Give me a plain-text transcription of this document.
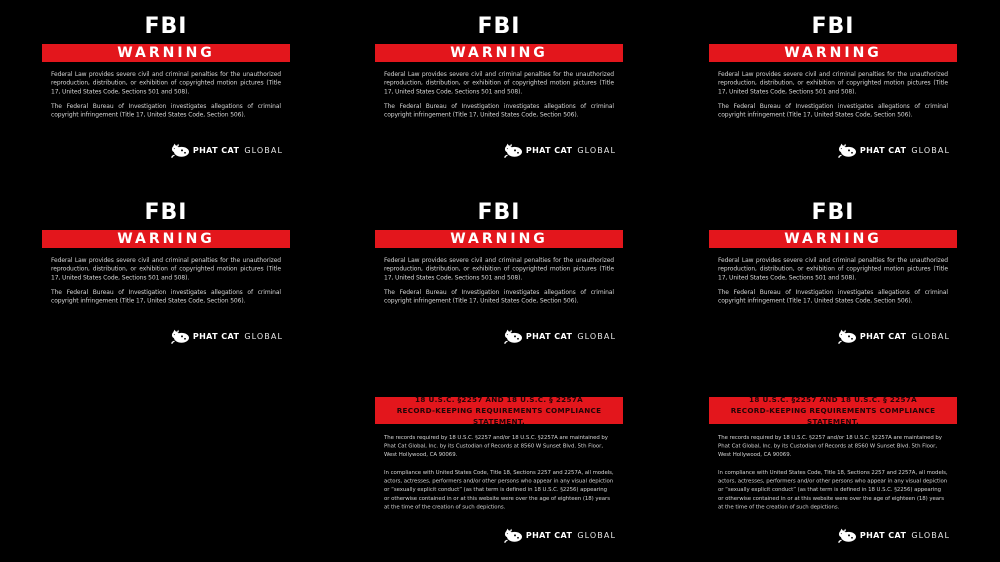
FBI
WARNING

Federal Law provides severe civil and criminal penalties for the unauthorized reproduction, distribution, or exhibition of copyrighted motion pictures (Title 17, United States Code, Sections 501 and 508).

The Federal Bureau of Investigation investigates allegations of criminal copyright infringement (Title 17, United States Code, Section 506).

PHAT CAT GLOBAL
FBI
WARNING

Federal Law provides severe civil and criminal penalties for the unauthorized reproduction, distribution, or exhibition of copyrighted motion pictures (Title 17, United States Code, Sections 501 and 508).

The Federal Bureau of Investigation investigates allegations of criminal copyright infringement (Title 17, United States Code, Section 506).

PHAT CAT GLOBAL
FBI
WARNING

Federal Law provides severe civil and criminal penalties for the unauthorized reproduction, distribution, or exhibition of copyrighted motion pictures (Title 17, United States Code, Sections 501 and 508).

The Federal Bureau of Investigation investigates allegations of criminal copyright infringement (Title 17, United States Code, Section 506).

PHAT CAT GLOBAL
FBI
WARNING

Federal Law provides severe civil and criminal penalties for the unauthorized reproduction, distribution, or exhibition of copyrighted motion pictures (Title 17, United States Code, Sections 501 and 508).

The Federal Bureau of Investigation investigates allegations of criminal copyright infringement (Title 17, United States Code, Section 506).

PHAT CAT GLOBAL
FBI
WARNING

Federal Law provides severe civil and criminal penalties for the unauthorized reproduction, distribution, or exhibition of copyrighted motion pictures (Title 17, United States Code, Sections 501 and 508).

The Federal Bureau of Investigation investigates allegations of criminal copyright infringement (Title 17, United States Code, Section 506).

PHAT CAT GLOBAL
FBI
WARNING

Federal Law provides severe civil and criminal penalties for the unauthorized reproduction, distribution, or exhibition of copyrighted motion pictures (Title 17, United States Code, Sections 501 and 508).

The Federal Bureau of Investigation investigates allegations of criminal copyright infringement (Title 17, United States Code, Section 506).

PHAT CAT GLOBAL
18 U.S.C. §2257 AND 18 U.S.C. § 2257A
RECORD-KEEPING REQUIREMENTS COMPLIANCE STATEMENT.

The records required by 18 U.S.C. §2257 and/or 18 U.S.C. §2257A are maintained by Phat Cat Global, Inc. by its Custodian of Records at 8560 W Sunset Blvd. 5th Floor, West Hollywood, CA 90069.

In compliance with United States Code, Title 18, Sections 2257 and 2257A, all models, actors, actresses, performers and/or other persons who appear in any visual depiction or “sexually explicit conduct” (as that term is defined in 18 U.S.C. §2256) appearing or otherwise contained in or at this website were over the age of eighteen (18) years at the time of the creation of such depictions.

PHAT CAT GLOBAL
18 U.S.C. §2257 AND 18 U.S.C. § 2257A
RECORD-KEEPING REQUIREMENTS COMPLIANCE STATEMENT.

The records required by 18 U.S.C. §2257 and/or 18 U.S.C. §2257A are maintained by Phat Cat Global, Inc. by its Custodian of Records at 8560 W Sunset Blvd. 5th Floor, West Hollywood, CA 90069.

In compliance with United States Code, Title 18, Sections 2257 and 2257A, all models, actors, actresses, performers and/or other persons who appear in any visual depiction or “sexually explicit conduct” (as that term is defined in 18 U.S.C. §2256) appearing or otherwise contained in or at this website were over the age of eighteen (18) years at the time of the creation of such depictions.

PHAT CAT GLOBAL
